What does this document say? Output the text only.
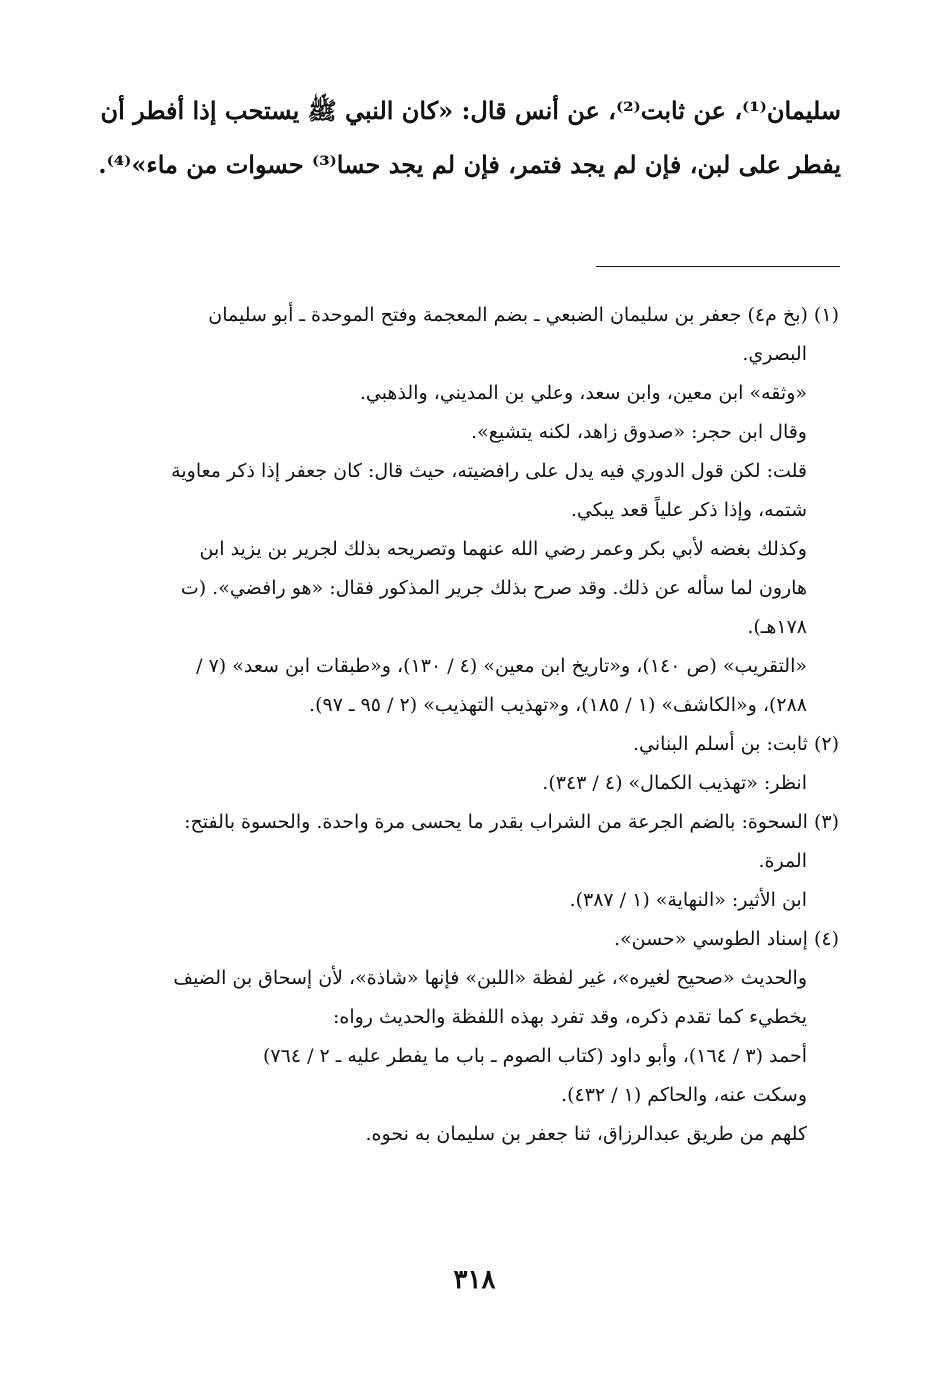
سليمان⁽¹⁾، عن ثابت⁽²⁾، عن أنس قال: «كان النبي ﷺ يستحب إذا أفطر أن
يفطر على لبن، فإن لم يجد فتمر، فإن لم يجد حسا⁽³⁾ حسوات من ماء»⁽⁴⁾.
(١) (بخ م٤) جعفر بن سليمان الضبعي ـ بضم المعجمة وفتح الموحدة ـ أبو سليمان
البصري.
«وثقه» ابن معين، وابن سعد، وعلي بن المديني، والذهبي.
وقال ابن حجر: «صدوق زاهد، لكنه يتشيع».
قلت: لكن قول الدوري فيه يدل على رافضيته، حيث قال: كان جعفر إذا ذكر معاوية
شتمه، وإذا ذكر علياً قعد يبكي.
وكذلك بغضه لأبي بكر وعمر رضي الله عنهما وتصريحه بذلك لجرير بن يزيد ابن
هارون لما سأله عن ذلك. وقد صرح بذلك جرير المذكور فقال: «هو رافضي». (ت
١٧٨هـ).
«التقريب» (ص ١٤٠)، و«تاريخ ابن معين» (٤ / ١٣٠)، و«طبقات ابن سعد» (٧ /
٢٨٨)، و«الكاشف» (١ / ١٨٥)، و«تهذيب التهذيب» (٢ / ٩٥ ـ ٩٧).
(٢) ثابت: بن أسلم البناني.
انظر: «تهذيب الكمال» (٤ / ٣٤٣).
(٣) السحوة: بالضم الجرعة من الشراب بقدر ما يحسى مرة واحدة. والحسوة بالفتح:
المرة.
ابن الأثير: «النهاية» (١ / ٣٨٧).
(٤) إسناد الطوسي «حسن».
والحديث «صحيح لغيره»، غير لفظة «اللبن» فإنها «شاذة»، لأن إسحاق بن الضيف
يخطيء كما تقدم ذكره، وقد تفرد بهذه اللفظة والحديث رواه:
أحمد (٣ / ١٦٤)، وأبو داود (كتاب الصوم ـ باب ما يفطر عليه ـ ٢ / ٧٦٤)
وسكت عنه، والحاكم (١ / ٤٣٢).
كلهم من طريق عبدالرزاق، ثنا جعفر بن سليمان به نحوه.
٣١٨
